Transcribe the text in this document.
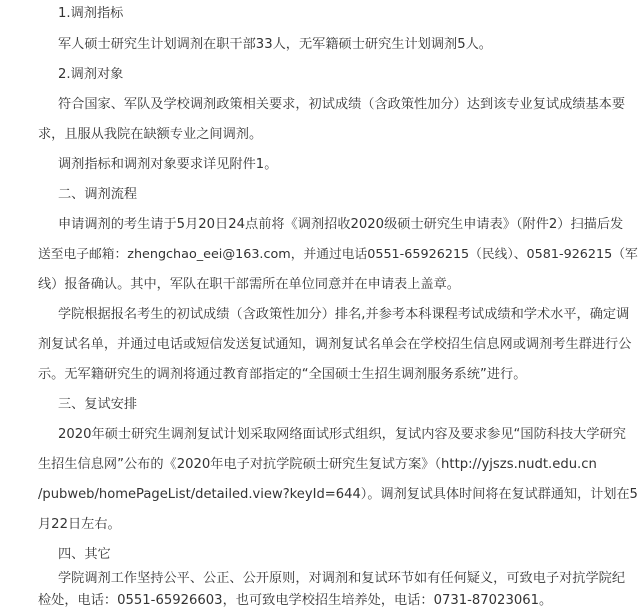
1.调剂指标
军人硕士研究生计划调剂在职干部33人，无军籍硕士研究生计划调剂5人。
2.调剂对象
符合国家、军队及学校调剂政策相关要求，初试成绩（含政策性加分）达到该专业复试成绩基本要
求，且服从我院在缺额专业之间调剂。
调剂指标和调剂对象要求详见附件1。
二、调剂流程
申请调剂的考生请于5月20日24点前将《调剂招收2020级硕士研究生申请表》（附件2）扫描后发
送至电子邮箱：zhengchao_eei@163.com，并通过电话0551-65926215（民线）、0581-926215（军
线）报备确认。其中，军队在职干部需所在单位同意并在申请表上盖章。
学院根据报名考生的初试成绩（含政策性加分）排名,并参考本科课程考试成绩和学术水平，确定调
剂复试名单，并通过电话或短信发送复试通知，调剂复试名单会在学校招生信息网或调剂考生群进行公
示。无军籍研究生的调剂将通过教育部指定的“全国硕士生招生调剂服务系统”进行。
三、复试安排
2020年硕士研究生调剂复试计划采取网络面试形式组织，复试内容及要求参见“国防科技大学研究
生招生信息网”公布的《2020年电子对抗学院硕士研究生复试方案》（http://yjszs.nudt.edu.cn
/pubweb/homePageList/detailed.view?keyId=644）。调剂复试具体时间将在复试群通知，计划在5
月22日左右。
四、其它
学院调剂工作坚持公平、公正、公开原则，对调剂和复试环节如有任何疑义，可致电子对抗学院纪
检处，电话：0551-65926603，也可致电学校招生培养处，电话：0731-87023061。
